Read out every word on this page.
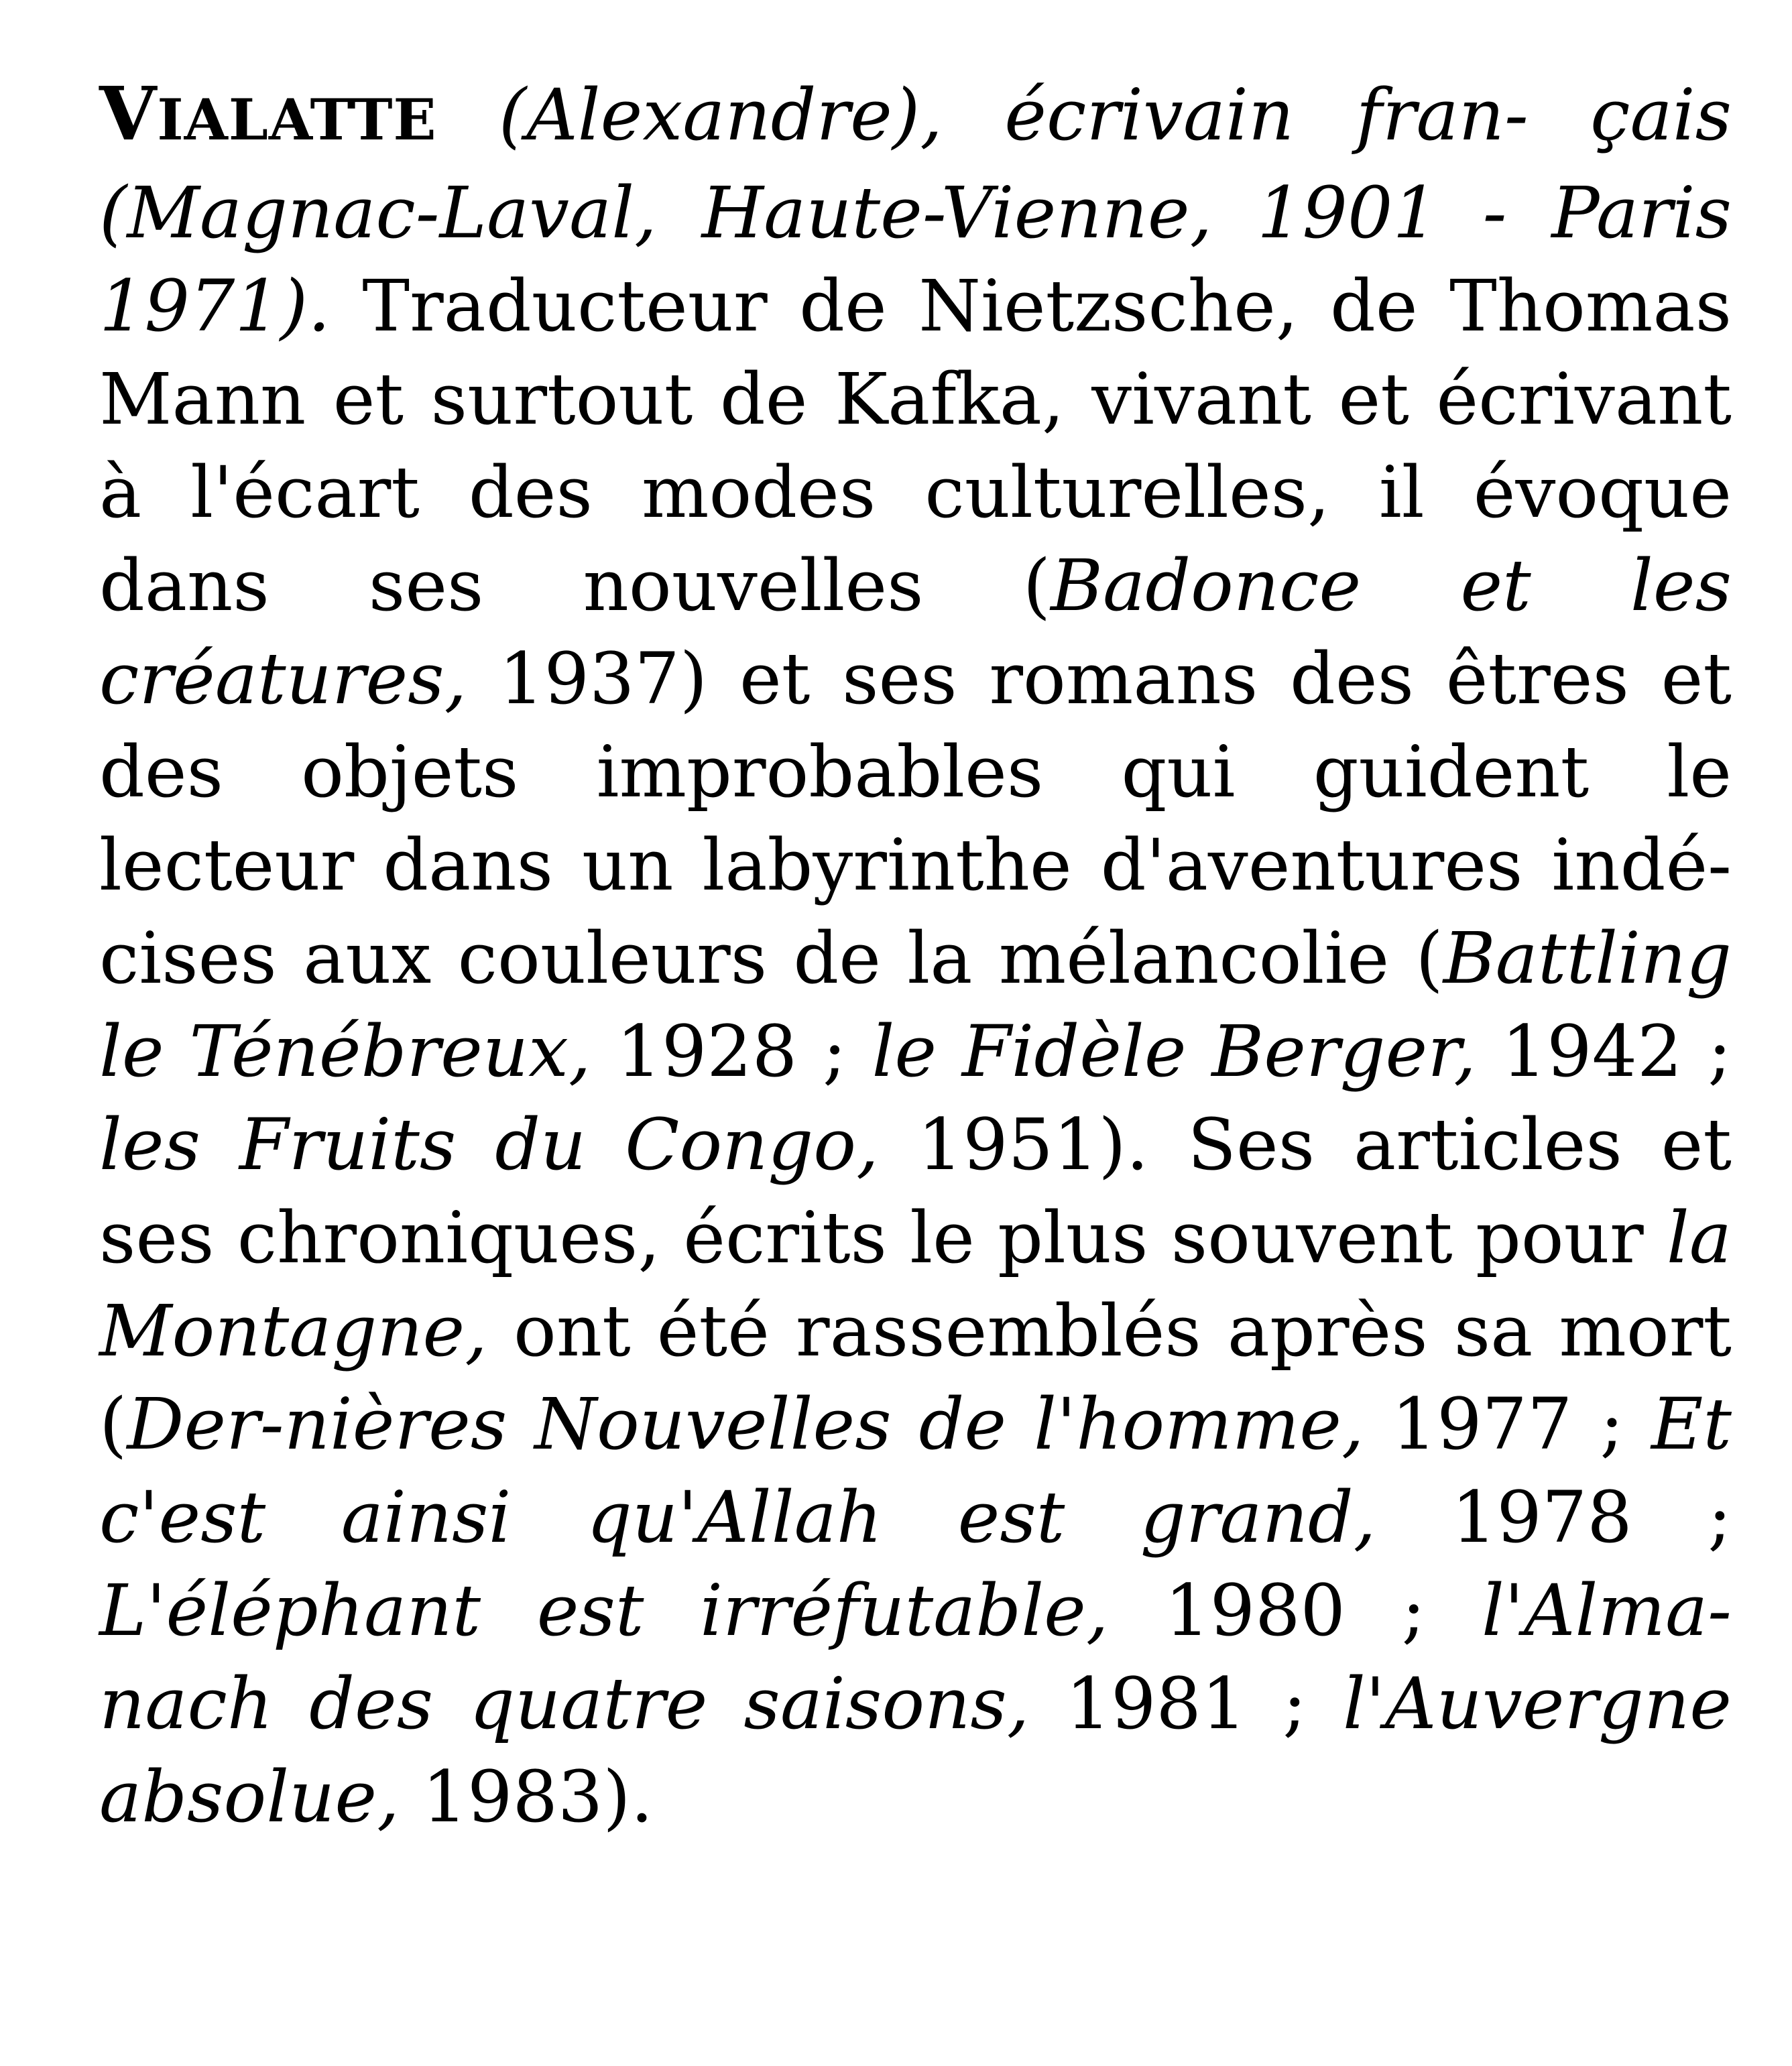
VIALATTE (Alexandre), écrivain fran- çais (Magnac-Laval, Haute-Vienne, 1901 - Paris 1971). Traducteur de Nietzsche, de Thomas Mann et surtout de Kafka, vivant et écrivant à l'écart des modes culturelles, il évoque dans ses nouvelles (Badonce et les créatures, 1937) et ses romans des êtres et des objets improbables qui guident le lecteur dans un labyrinthe d'aventures indé-cises aux couleurs de la mélancolie (Battling le Ténébreux, 1928 ; le Fidèle Berger, 1942 ; les Fruits du Congo, 1951). Ses articles et ses chroniques, écrits le plus souvent pour la Montagne, ont été rassemblés après sa mort (Der-nières Nouvelles de l'homme, 1977 ; Et c'est ainsi qu'Allah est grand, 1978 ; L'éléphant est irréfutable, 1980 ; l'Alma-nach des quatre saisons, 1981 ; l'Auvergne absolue, 1983).
